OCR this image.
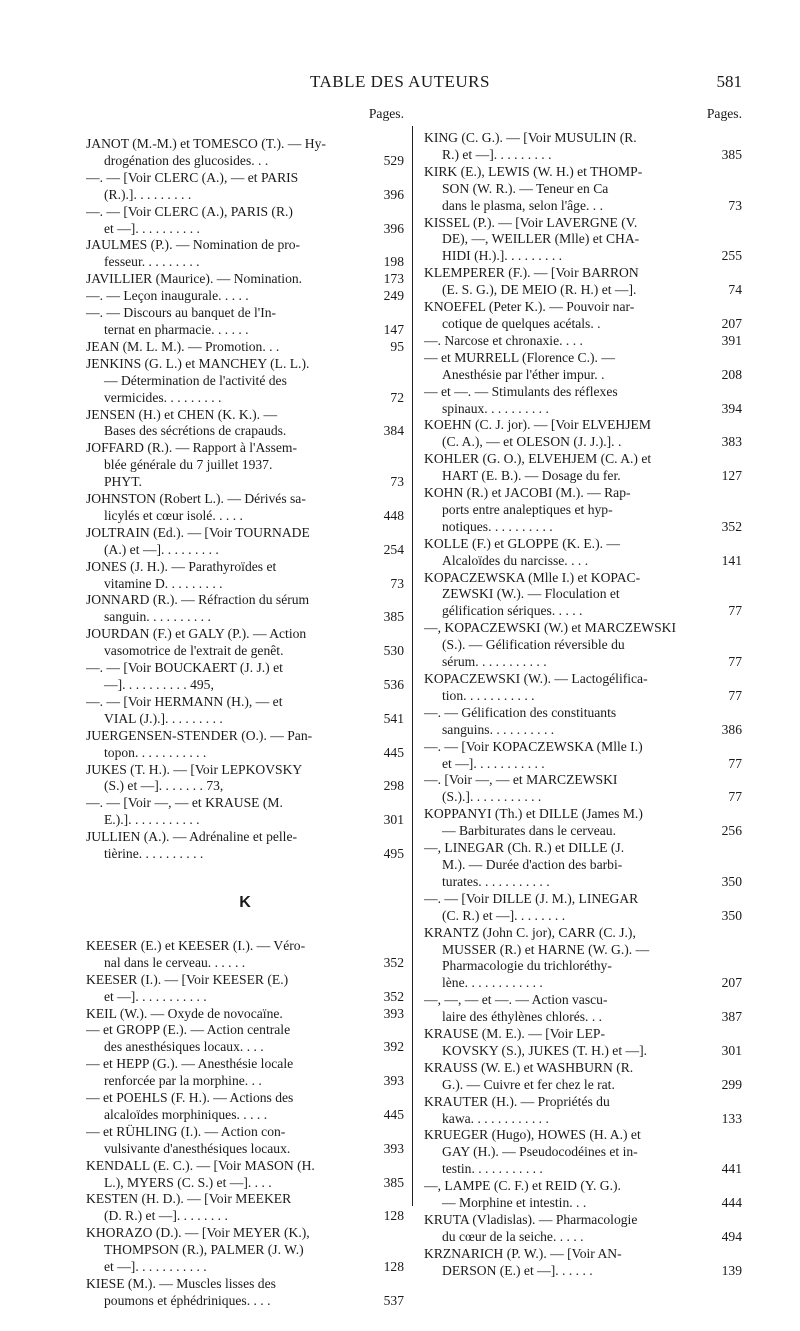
TABLE DES AUTEURS	581
Pages.
JANOT (M.-M.) et TOMESCO (T.). — Hy-
drogénation des glucosides. . .	529
—. — [Voir CLERC (A.), — et PARIS
(R.).]. . . . . . . . .	396
—. — [Voir CLERC (A.), PARIS (R.)
et —]. . . . . . . . . .	396
JAULMES (P.). — Nomination de pro-
fesseur. . . . . . . . .	198
JAVILLIER (Maurice). — Nomination.	173
—. — Leçon inaugurale. . . . .	249
—. — Discours au banquet de l'In-
ternat en pharmacie. . . . . .	147
JEAN (M. L. M.). — Promotion. . .	95
JENKINS (G. L.) et MANCHEY (L. L.).
— Détermination de l'activité des
vermicides. . . . . . . . .	72
JENSEN (H.) et CHEN (K. K.). —
Bases des sécrétions de crapauds.	384
JOFFARD (R.). — Rapport à l'Assem-
blée générale du 7 juillet 1937.
PHYT.	73
JOHNSTON (Robert L.). — Dérivés sa-
licylés et cœur isolé. . . . .	448
JOLTRAIN (Ed.). — [Voir TOURNADE
(A.) et —]. . . . . . . . .	254
JONES (J. H.). — Parathyroïdes et
vitamine D. . . . . . . . .	73
JONNARD (R.). — Réfraction du sérum
sanguin. . . . . . . . . .	385
JOURDAN (F.) et GALY (P.). — Action
vasomotrice de l'extrait de genêt.	530
—. — [Voir BOUCKAERT (J. J.) et
—]. . . . . . . . . . 495,	536
—. — [Voir HERMANN (H.), — et
VIAL (J.).]. . . . . . . . .	541
JUERGENSEN-STENDER (O.). — Pan-
topon. . . . . . . . . . .	445
JUKES (T. H.). — [Voir LEPKOVSKY
(S.) et —]. . . . . . . 73,	298
—. — [Voir —, — et KRAUSE (M.
E.).]. . . . . . . . . . .	301
JULLIEN (A.). — Adrénaline et pelle-
tièrine. . . . . . . . . .	495
K
KEESER (E.) et KEESER (I.). — Véro-
nal dans le cerveau. . . . . .	352
KEESER (I.). — [Voir KEESER (E.)
et —]. . . . . . . . . . .	352
KEIL (W.). — Oxyde de novocaïne.	393
— et GROPP (E.). — Action centrale
des anesthésiques locaux. . . .	392
— et HEPP (G.). — Anesthésie locale
renforcée par la morphine. . .	393
— et POEHLS (F. H.). — Actions des
alcaloïdes morphiniques. . . . .	445
— et RÜHLING (I.). — Action con-
vulsivante d'anesthésiques locaux.	393
KENDALL (E. C.). — [Voir MASON (H.
L.), MYERS (C. S.) et —]. . . .	385
KESTEN (H. D.). — [Voir MEEKER
(D. R.) et —]. . . . . . . .	128
KHORAZO (D.). — [Voir MEYER (K.),
THOMPSON (R.), PALMER (J. W.)
et —]. . . . . . . . . . .	128
KIESE (M.). — Muscles lisses des
poumons et éphédriniques. . . .	537
Pages.
KING (C. G.). — [Voir MUSULIN (R.
R.) et —]. . . . . . . . .	385
KIRK (E.), LEWIS (W. H.) et THOMP-
SON (W. R.). — Teneur en Ca
dans le plasma, selon l'âge. . .	73
KISSEL (P.). — [Voir LAVERGNE (V.
DE), —, WEILLER (Mlle) et CHA-
HIDI (H.).]. . . . . . . . .	255
KLEMPERER (F.). — [Voir BARRON
(E. S. G.), DE MEIO (R. H.) et —].	74
KNOEFEL (Peter K.). — Pouvoir nar-
cotique de quelques acétals. .	207
—. Narcose et chronaxie. . . .	391
— et MURRELL (Florence C.). —
Anesthésie par l'éther impur. .	208
— et —. — Stimulants des réflexes
spinaux. . . . . . . . . .	394
KOEHN (C. J. jor). — [Voir ELVEHJEM
(C. A.), — et OLESON (J. J.).]. .	383
KOHLER (G. O.), ELVEHJEM (C. A.) et
HART (E. B.). — Dosage du fer.	127
KOHN (R.) et JACOBI (M.). — Rap-
ports entre analeptiques et hyp-
notiques. . . . . . . . . .	352
KOLLE (F.) et GLOPPE (K. E.). —
Alcaloïdes du narcisse. . . .	141
KOPACZEWSKA (Mlle I.) et KOPAC-
ZEWSKI (W.). — Floculation et
gélification sériques. . . . .	77
—, KOPACZEWSKI (W.) et MARCZEWSKI
(S.). — Gélification réversible du
sérum. . . . . . . . . . .	77
KOPACZEWSKI (W.). — Lactogélifica-
tion. . . . . . . . . . .	77
—. — Gélification des constituants
sanguins. . . . . . . . . .	386
—. — [Voir KOPACZEWSKA (Mlle I.)
et —]. . . . . . . . . . .	77
—. [Voir —, — et MARCZEWSKI
(S.).]. . . . . . . . . . .	77
KOPPANYI (Th.) et DILLE (James M.)
— Barbiturates dans le cerveau.	256
—, LINEGAR (Ch. R.) et DILLE (J.
M.). — Durée d'action des barbi-
turates. . . . . . . . . . .	350
—. — [Voir DILLE (J. M.), LINEGAR
(C. R.) et —]. . . . . . . .	350
KRANTZ (John C. jor), CARR (C. J.),
MUSSER (R.) et HARNE (W. G.). —
Pharmacologie du trichloréthy-
lène. . . . . . . . . . . .	207
—, —, — et —. — Action vascu-
laire des éthylènes chlorés. . .	387
KRAUSE (M. E.). — [Voir LEP-
KOVSKY (S.), JUKES (T. H.) et —].	301
KRAUSS (W. E.) et WASHBURN (R.
G.). — Cuivre et fer chez le rat.	299
KRAUTER (H.). — Propriétés du
kawa. . . . . . . . . . . .	133
KRUEGER (Hugo), HOWES (H. A.) et
GAY (H.). — Pseudocodéines et in-
testin. . . . . . . . . . .	441
—, LAMPE (C. F.) et REID (Y. G.).
— Morphine et intestin. . .	444
KRUTA (Vladislas). — Pharmacologie
du cœur de la seiche. . . . .	494
KRZNARICH (P. W.). — [Voir AN-
DERSON (E.) et —]. . . . . .	139
